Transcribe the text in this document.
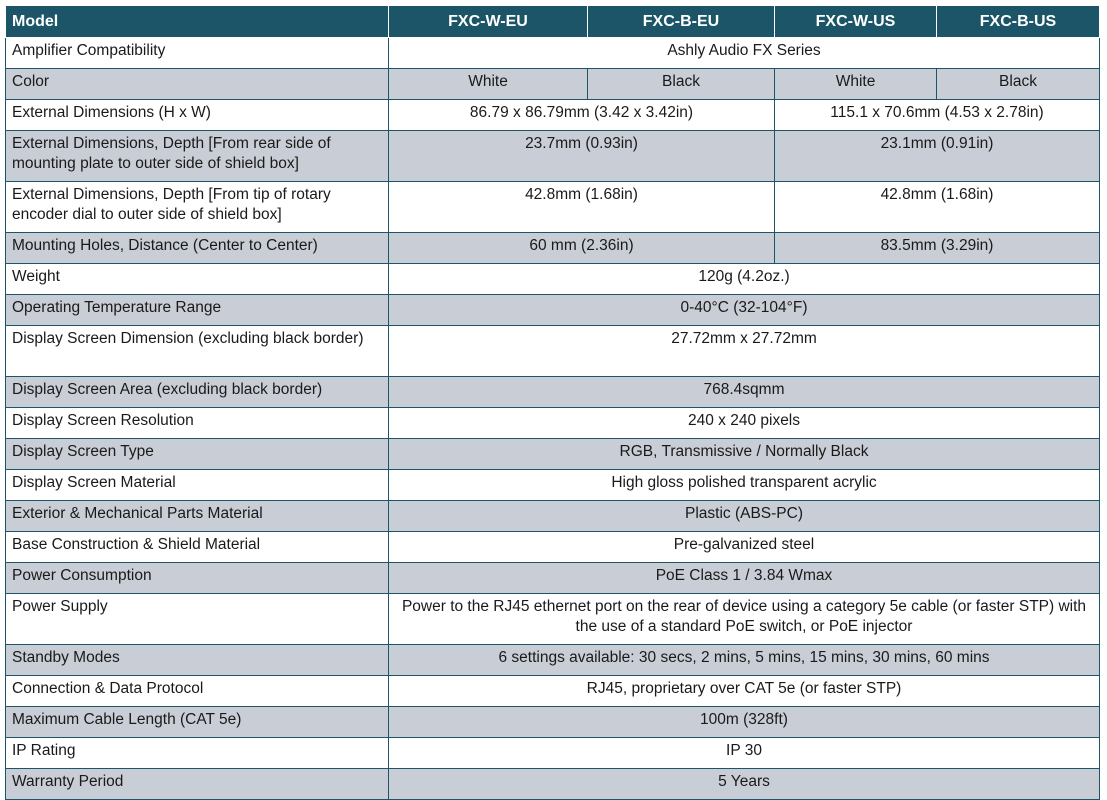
Model	FXC-W-EU	FXC-B-EU	FXC-W-US	FXC-B-US
Amplifier Compatibility	Ashly Audio FX Series			
Color	White	Black	White	Black
External Dimensions (H x W)	86.79 x 86.79mm (3.42 x 3.42in)		115.1 x 70.6mm (4.53 x 2.78in)	
External Dimensions, Depth [From rear side of mounting plate to outer side of shield box]	23.7mm (0.93in)		23.1mm (0.91in)	
External Dimensions, Depth [From tip of rotary encoder dial to outer side of shield box]	42.8mm (1.68in)		42.8mm (1.68in)	
Mounting Holes, Distance (Center to Center)	60 mm (2.36in)		83.5mm (3.29in)	
Weight	120g (4.2oz.)			
Operating Temperature Range	0-40°C (32-104°F)			
Display Screen Dimension (excluding black border)	27.72mm x 27.72mm			
Display Screen Area (excluding black border)	768.4sqmm			
Display Screen Resolution	240 x 240 pixels			
Display Screen Type	RGB, Transmissive / Normally Black			
Display Screen Material	High gloss polished transparent acrylic			
Exterior & Mechanical Parts Material	Plastic (ABS-PC)			
Base Construction & Shield Material	Pre-galvanized steel			
Power Consumption	PoE Class 1 / 3.84 Wmax			
Power Supply	Power to the RJ45 ethernet port on the rear of device using a category 5e cable (or faster STP) with the use of a standard PoE switch, or PoE injector			
Standby Modes	6 settings available: 30 secs, 2 mins, 5 mins, 15 mins, 30 mins, 60 mins			
Connection & Data Protocol	RJ45, proprietary over CAT 5e (or faster STP)			
Maximum Cable Length (CAT 5e)	100m (328ft)			
IP Rating	IP 30			
Warranty Period	5 Years			
